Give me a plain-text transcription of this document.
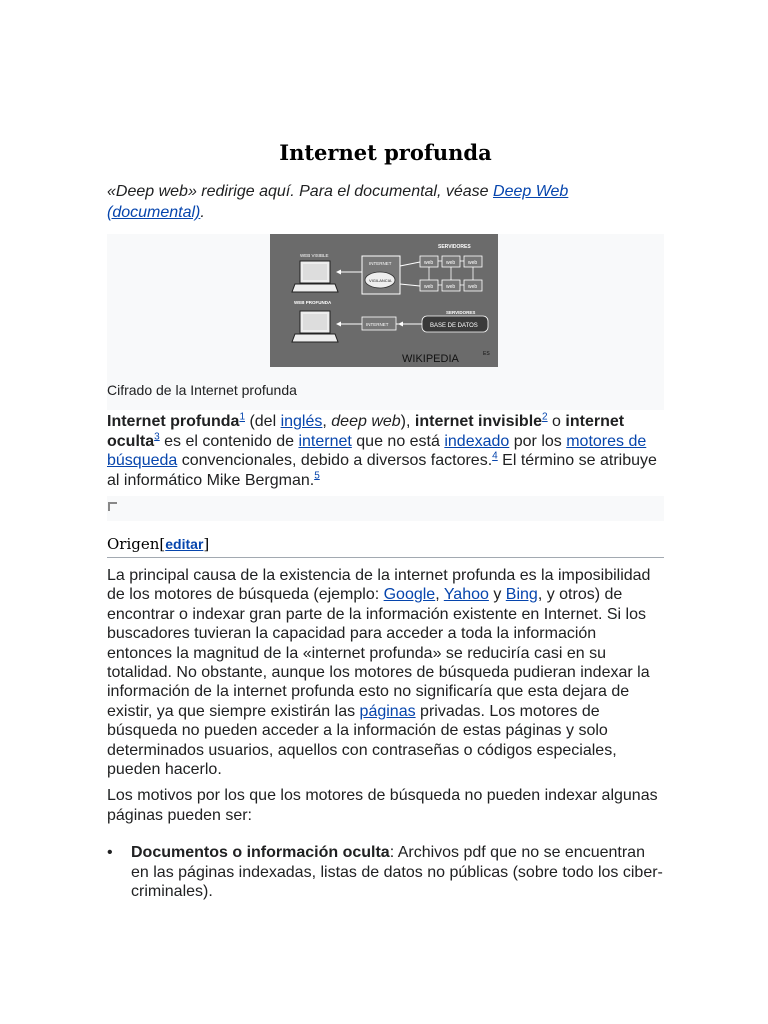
Internet profunda

«Deep web» redirige aquí. Para el documental, véase Deep Web (documental).

WEB VISIBLE
WEB PROFUNDA
INTERNET
VIGILANCIA
SERVIDORES
web	web	web
web	web	web
INTERNET
SERVIDORES
BASE DE DATOS
WIKIPEDIA	ES
Cifrado de la Internet profunda

Internet profunda$^1$ (del inglés, deep web), internet invisible$^2$ o internet oculta$^3$ es el contenido de internet que no está indexado por los motores de búsqueda convencionales, debido a diversos factores.$^4$ El término se atribuye al informático Mike Bergman.$^5$

Origen[editar]

La principal causa de la existencia de la internet profunda es la imposibilidad de los motores de búsqueda (ejemplo: Google, Yahoo y Bing, y otros) de encontrar o indexar gran parte de la información existente en Internet. Si los buscadores tuvieran la capacidad para acceder a toda la información entonces la magnitud de la «internet profunda» se reduciría casi en su totalidad. No obstante, aunque los motores de búsqueda pudieran indexar la información de la internet profunda esto no significaría que esta dejara de existir, ya que siempre existirán las páginas privadas. Los motores de búsqueda no pueden acceder a la información de estas páginas y solo determinados usuarios, aquellos con contraseñas o códigos especiales, pueden hacerlo.

Los motivos por los que los motores de búsqueda no pueden indexar algunas páginas pueden ser:

• Documentos o información oculta: Archivos pdf que no se encuentran en las páginas indexadas, listas de datos no públicas (sobre todo los ciber-criminales).
